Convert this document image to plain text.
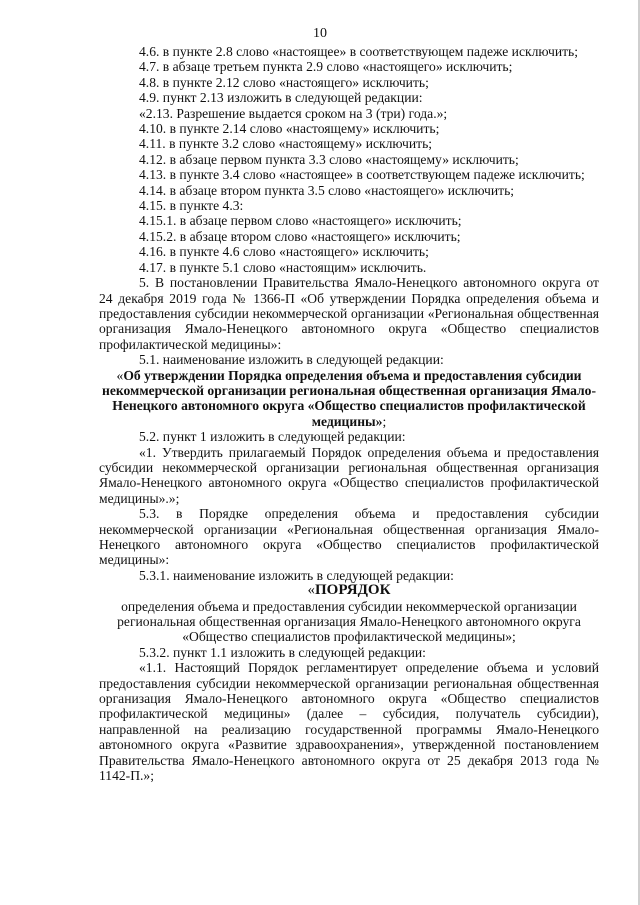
10

4.6. в пункте 2.8 слово «настоящее» в соответствующем падеже исключить;

4.7. в абзаце третьем пункта 2.9 слово «настоящего» исключить;

4.8. в пункте 2.12 слово «настоящего» исключить;

4.9. пункт 2.13 изложить в следующей редакции:

«2.13. Разрешение выдается сроком на 3 (три) года.»;

4.10. в пункте 2.14 слово «настоящему» исключить;

4.11. в пункте 3.2 слово «настоящему» исключить;

4.12. в абзаце первом пункта 3.3 слово «настоящему» исключить;

4.13. в пункте 3.4 слово «настоящее» в соответствующем падеже исключить;

4.14. в абзаце втором пункта 3.5 слово «настоящего» исключить;

4.15. в пункте 4.3:

4.15.1. в абзаце первом слово «настоящего» исключить;

4.15.2. в абзаце втором слово «настоящего» исключить;

4.16. в пункте 4.6 слово «настоящего» исключить;

4.17. в пункте 5.1 слово «настоящим» исключить.

5. В постановлении Правительства Ямало-Ненецкого автономного округа от 24 декабря 2019 года № 1366-П «Об утверждении Порядка определения объема и предоставления субсидии некоммерческой организации «Региональная общественная организация Ямало-Ненецкого автономного округа «Общество специалистов профилактической медицины»:

5.1. наименование изложить в следующей редакции:

«Об утверждении Порядка определения объема и предоставления субсидии некоммерческой организации региональная общественная организация Ямало-Ненецкого автономного округа «Общество специалистов профилактической медицины»;

5.2. пункт 1 изложить в следующей редакции:

«1. Утвердить прилагаемый Порядок определения объема и предоставления субсидии некоммерческой организации региональная общественная организация Ямало-Ненецкого автономного округа «Общество специалистов профилактической медицины».»;

5.3. в Порядке определения объема и предоставления субсидии некоммерческой организации «Региональная общественная организация Ямало-Ненецкого автономного округа «Общество специалистов профилактической медицины»:

5.3.1. наименование изложить в следующей редакции:

«ПОРЯДОК

определения объема и предоставления субсидии некоммерческой организации региональная общественная организация Ямало-Ненецкого автономного округа «Общество специалистов профилактической медицины»;

5.3.2. пункт 1.1 изложить в следующей редакции:

«1.1. Настоящий Порядок регламентирует определение объема и условий предоставления субсидии некоммерческой организации региональная общественная организация Ямало-Ненецкого автономного округа «Общество специалистов профилактической медицины» (далее – субсидия, получатель субсидии), направленной на реализацию государственной программы Ямало-Ненецкого автономного округа «Развитие здравоохранения», утвержденной постановлением Правительства Ямало-Ненецкого автономного округа от 25 декабря 2013 года № 1142-П.»;
